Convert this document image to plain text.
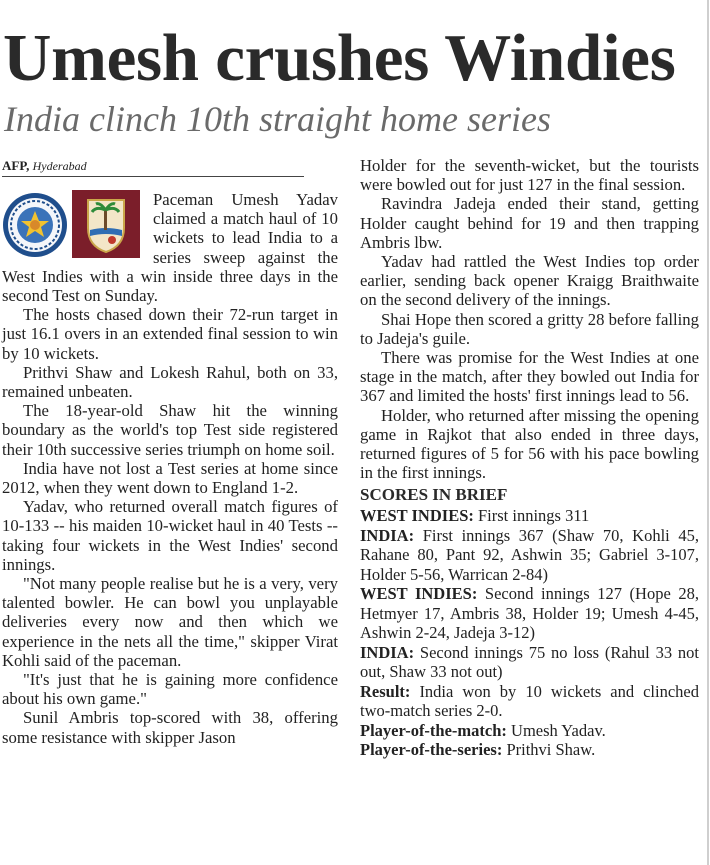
Umesh crushes Windies
India clinch 10th straight home series
AFP, Hyderabad

Paceman Umesh Yadav claimed a match haul of 10 wickets to lead India to a series sweep against the West Indies with a win inside three days in the second Test on Sunday.

The hosts chased down their 72-run target in just 16.1 overs in an extended final session to win by 10 wickets.

Prithvi Shaw and Lokesh Rahul, both on 33, remained unbeaten.

The 18-year-old Shaw hit the winning boundary as the world's top Test side registered their 10th successive series triumph on home soil.

India have not lost a Test series at home since 2012, when they went down to England 1-2.

Yadav, who returned overall match figures of 10-133 -- his maiden 10-wicket haul in 40 Tests -- taking four wickets in the West Indies' second innings.

"Not many people realise but he is a very, very talented bowler. He can bowl you unplayable deliveries every now and then which we experience in the nets all the time," skipper Virat Kohli said of the paceman.

"It's just that he is gaining more confidence about his own game."

Sunil Ambris top-scored with 38, offering some resistance with skipper Jason

Holder for the seventh-wicket, but the tourists were bowled out for just 127 in the final session.

Ravindra Jadeja ended their stand, getting Holder caught behind for 19 and then trapping Ambris lbw.

Yadav had rattled the West Indies top order earlier, sending back opener Kraigg Braithwaite on the second delivery of the innings.

Shai Hope then scored a gritty 28 before falling to Jadeja's guile.

There was promise for the West Indies at one stage in the match, after they bowled out India for 367 and limited the hosts' first innings lead to 56.

Holder, who returned after missing the opening game in Rajkot that also ended in three days, returned figures of 5 for 56 with his pace bowling in the first innings.

SCORES IN BRIEF

WEST INDIES: First innings 311

INDIA: First innings 367 (Shaw 70, Kohli 45, Rahane 80, Pant 92, Ashwin 35; Gabriel 3-107, Holder 5-56, Warrican 2-84)

WEST INDIES: Second innings 127 (Hope 28, Hetmyer 17, Ambris 38, Holder 19; Umesh 4-45, Ashwin 2-24, Jadeja 3-12)

INDIA: Second innings 75 no loss (Rahul 33 not out, Shaw 33 not out)

Result: India won by 10 wickets and clinched two-match series 2-0.

Player-of-the-match: Umesh Yadav.

Player-of-the-series: Prithvi Shaw.
